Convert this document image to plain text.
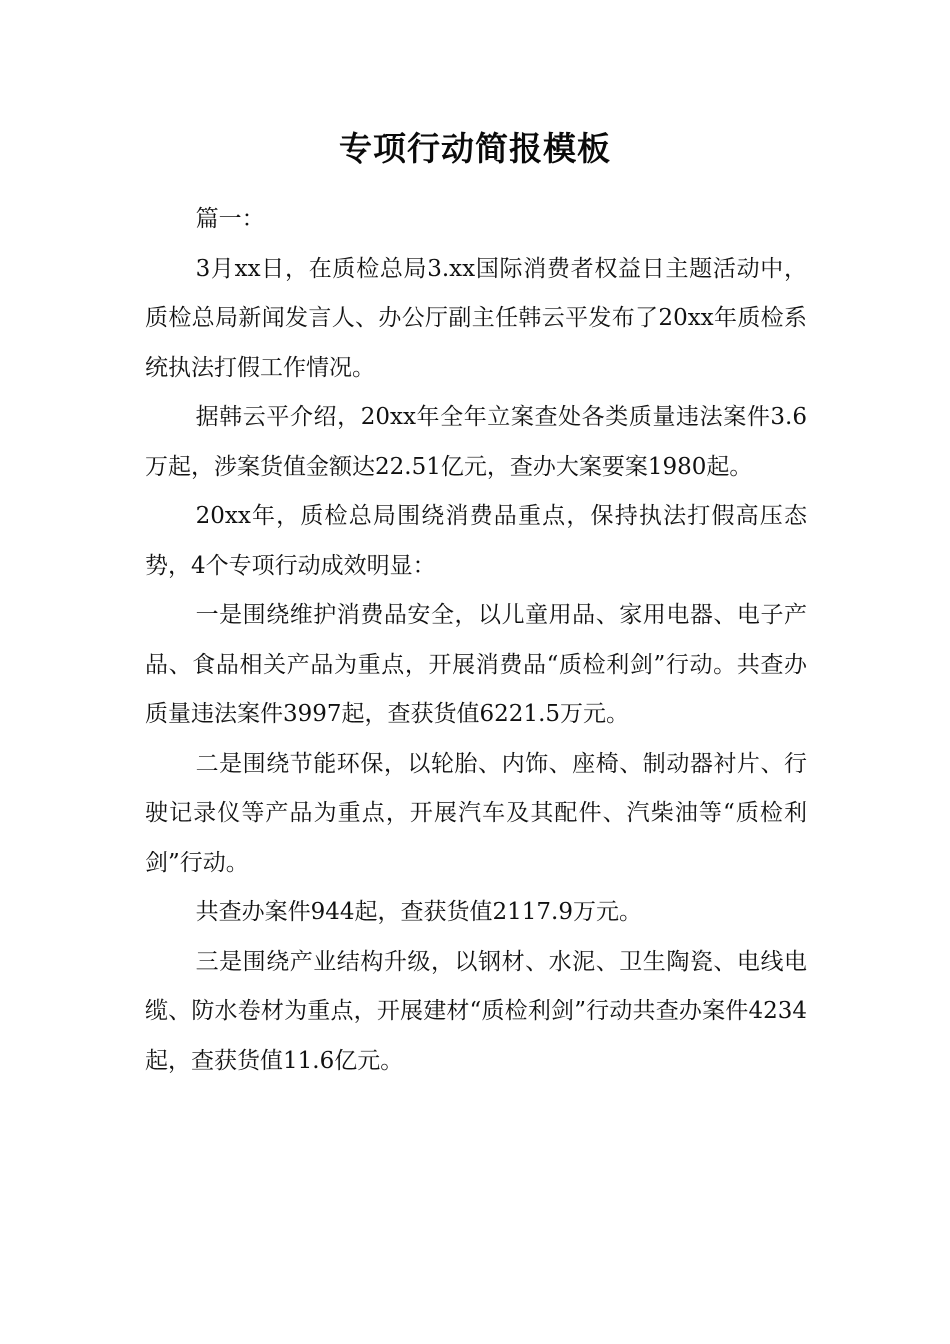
专项行动简报模板

篇一：

3月xx日，在质检总局3.xx国际消费者权益日主题活动中，质检总局新闻发言人、办公厅副主任韩云平发布了20xx年质检系统执法打假工作情况。

据韩云平介绍，20xx年全年立案查处各类质量违法案件3.6万起，涉案货值金额达22.51亿元，查办大案要案1980起。

20xx年，质检总局围绕消费品重点，保持执法打假高压态势，4个专项行动成效明显：

一是围绕维护消费品安全，以儿童用品、家用电器、电子产品、食品相关产品为重点，开展消费品“质检利剑”行动。共查办质量违法案件3997起，查获货值6221.5万元。

二是围绕节能环保，以轮胎、内饰、座椅、制动器衬片、行驶记录仪等产品为重点，开展汽车及其配件、汽柴油等“质检利剑”行动。

共查办案件944起，查获货值2117.9万元。

三是围绕产业结构升级，以钢材、水泥、卫生陶瓷、电线电缆、防水卷材为重点，开展建材“质检利剑”行动共查办案件4234起，查获货值11.6亿元。
